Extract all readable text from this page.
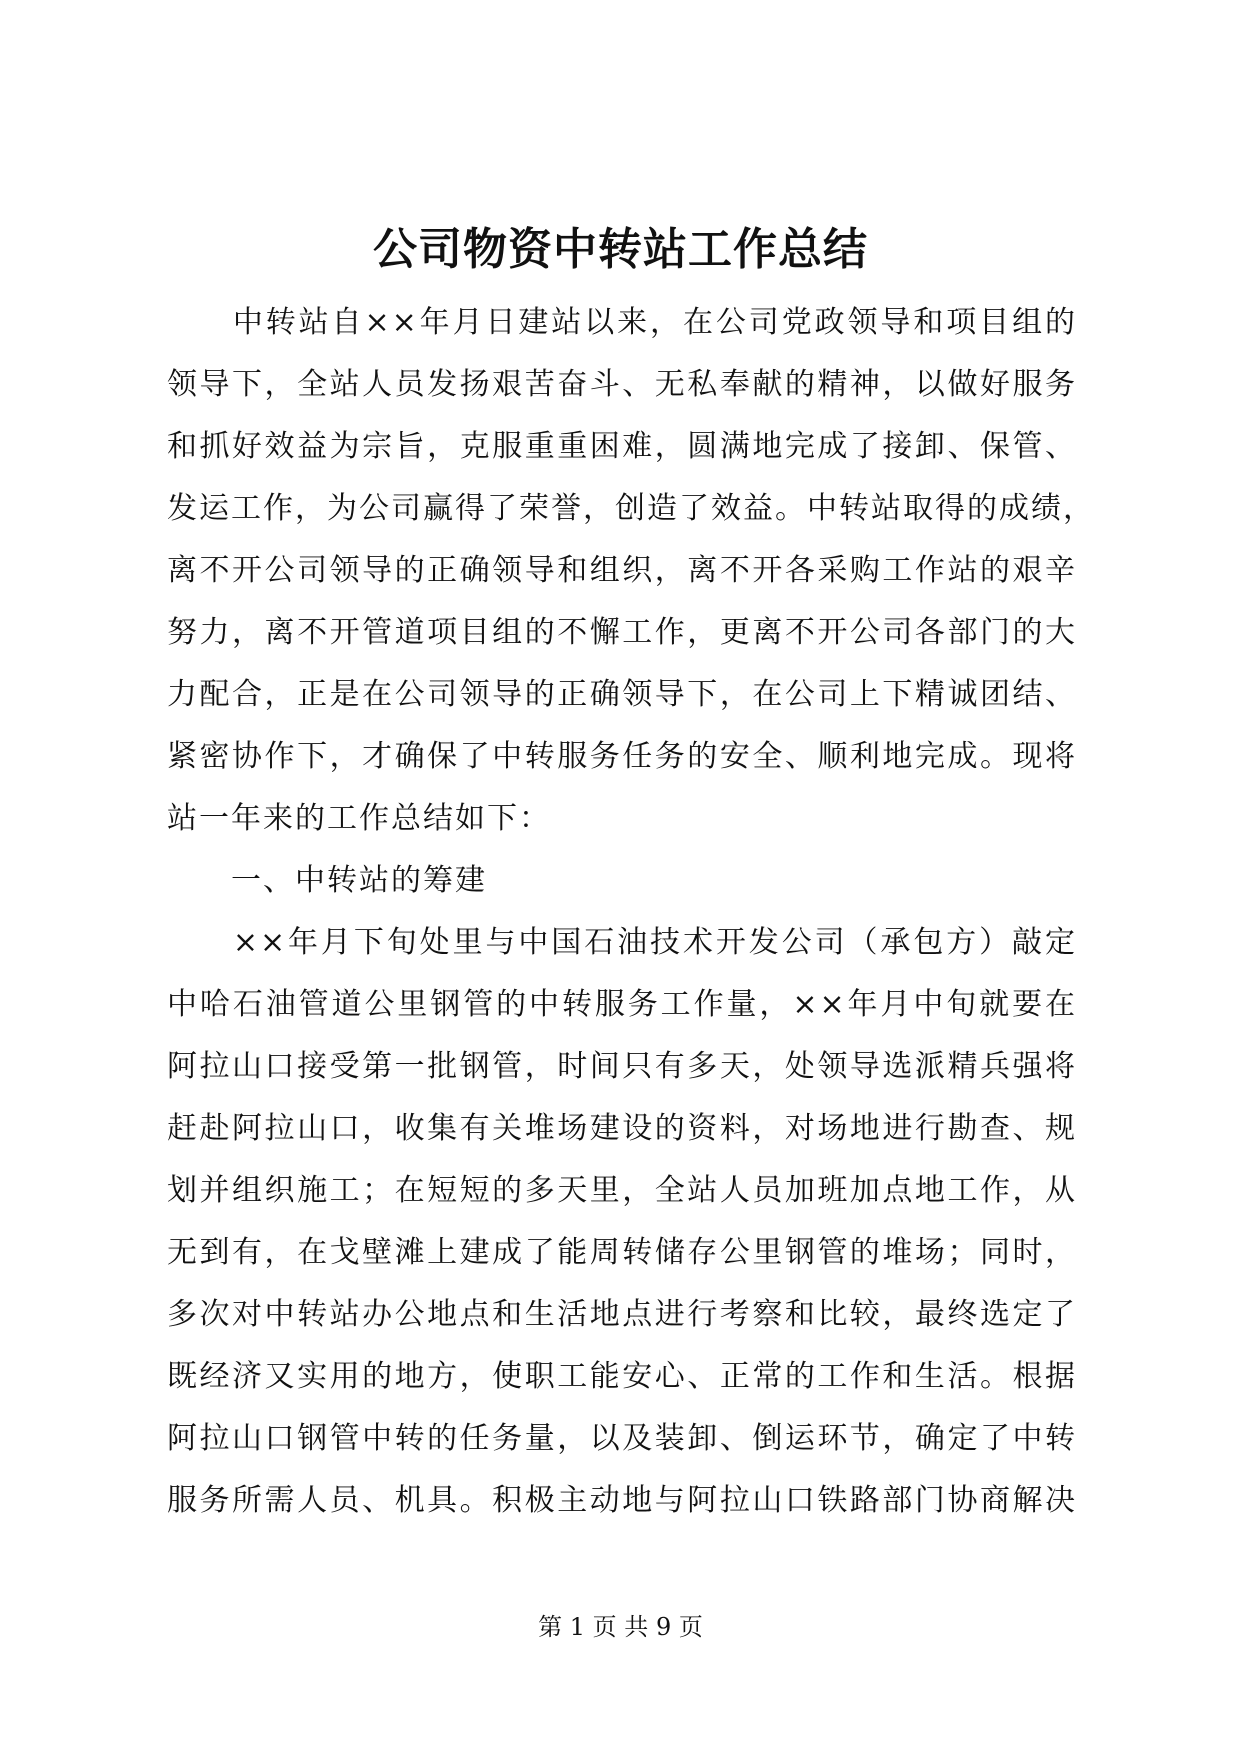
公司物资中转站工作总结
　　中转站自××年月日建站以来，在公司党政领导和项目组的
领导下，全站人员发扬艰苦奋斗、无私奉献的精神，以做好服务
和抓好效益为宗旨，克服重重困难，圆满地完成了接卸、保管、
发运工作，为公司赢得了荣誉，创造了效益。中转站取得的成绩，
离不开公司领导的正确领导和组织，离不开各采购工作站的艰辛
努力，离不开管道项目组的不懈工作，更离不开公司各部门的大
力配合，正是在公司领导的正确领导下，在公司上下精诚团结、
紧密协作下，才确保了中转服务任务的安全、顺利地完成。现将
站一年来的工作总结如下：
　　一、中转站的筹建
　　××年月下旬处里与中国石油技术开发公司（承包方）敲定
中哈石油管道公里钢管的中转服务工作量，××年月中旬就要在
阿拉山口接受第一批钢管，时间只有多天，处领导选派精兵强将
赶赴阿拉山口，收集有关堆场建设的资料，对场地进行勘查、规
划并组织施工；在短短的多天里，全站人员加班加点地工作，从
无到有，在戈壁滩上建成了能周转储存公里钢管的堆场；同时，
多次对中转站办公地点和生活地点进行考察和比较，最终选定了
既经济又实用的地方，使职工能安心、正常的工作和生活。根据
阿拉山口钢管中转的任务量，以及装卸、倒运环节，确定了中转
服务所需人员、机具。积极主动地与阿拉山口铁路部门协商解决
第 1 页 共 9 页
